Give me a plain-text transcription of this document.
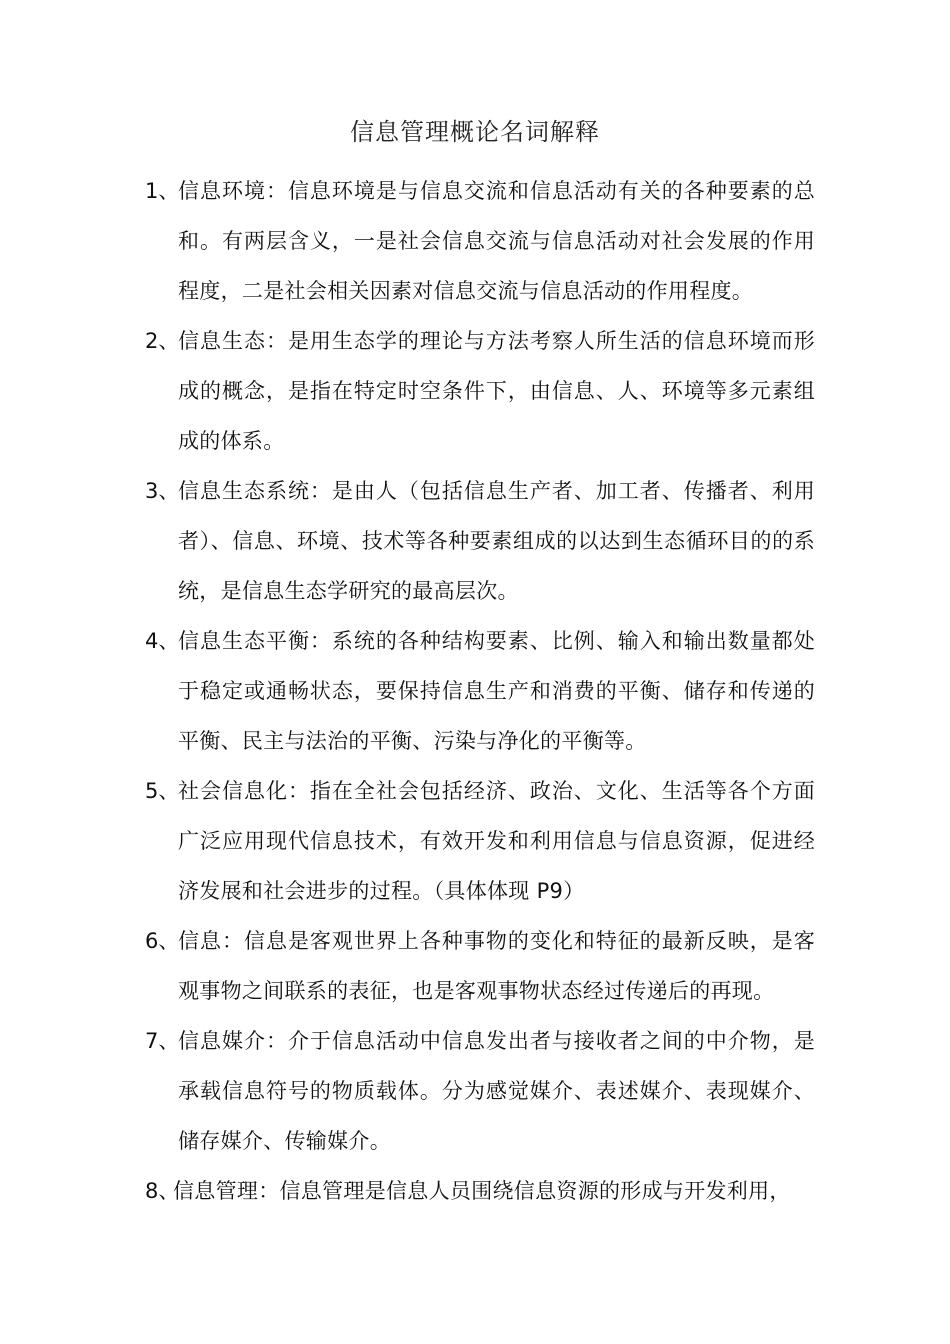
信息管理概论名词解释
1、
信息环境：信息环境是与信息交流和信息活动有关的各种要素的总和。有两层含义，一是社会信息交流与信息活动对社会发展的作用程度，二是社会相关因素对信息交流与信息活动的作用程度。
2、
信息生态：是用生态学的理论与方法考察人所生活的信息环境而形成的概念，是指在特定时空条件下，由信息、人、环境等多元素组成的体系。
3、
信息生态系统：是由人（包括信息生产者、加工者、传播者、利用者）、信息、环境、技术等各种要素组成的以达到生态循环目的的系统，是信息生态学研究的最高层次。
4、
信息生态平衡：系统的各种结构要素、比例、输入和输出数量都处于稳定或通畅状态，要保持信息生产和消费的平衡、储存和传递的平衡、民主与法治的平衡、污染与净化的平衡等。
5、
社会信息化：指在全社会包括经济、政治、文化、生活等各个方面广泛应用现代信息技术，有效开发和利用信息与信息资源，促进经济发展和社会进步的过程。（具体体现 P9）
6、
信息：信息是客观世界上各种事物的变化和特征的最新反映，是客观事物之间联系的表征，也是客观事物状态经过传递后的再现。
7、
信息媒介：介于信息活动中信息发出者与接收者之间的中介物，是承载信息符号的物质载体。分为感觉媒介、表述媒介、表现媒介、储存媒介、传输媒介。
8、
信息管理：信息管理是信息人员围绕信息资源的形成与开发利用，
